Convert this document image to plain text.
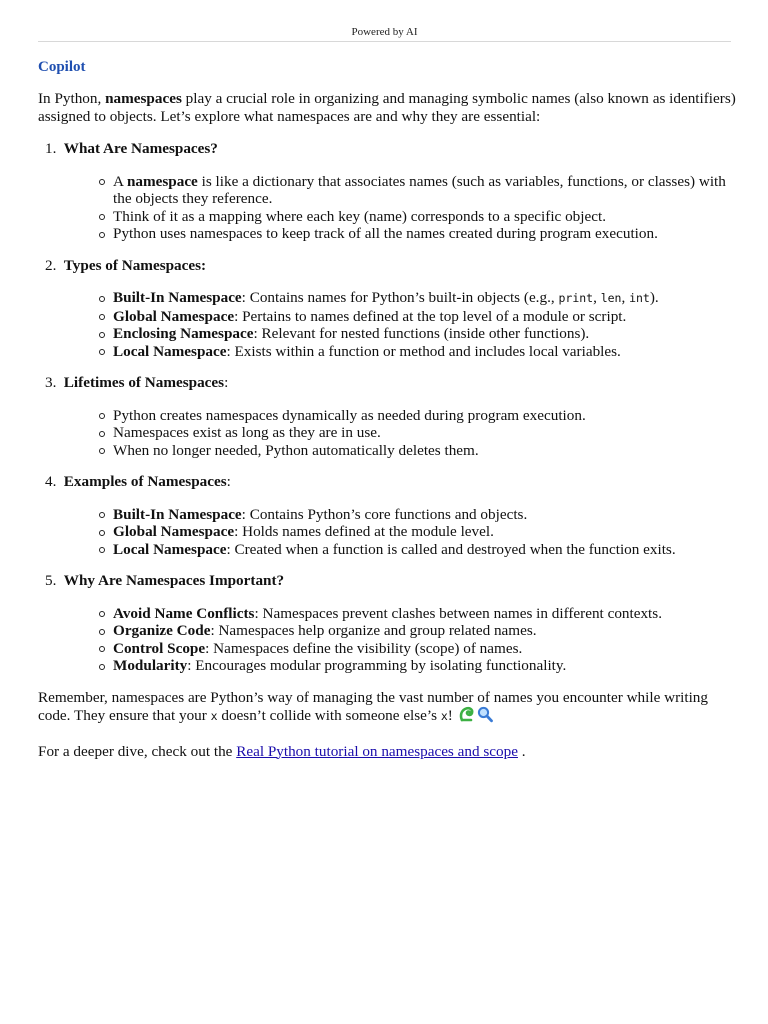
Powered by AI
Copilot

In Python, namespaces play a crucial role in organizing and managing symbolic names (also known as identifiers) assigned to objects. Let’s explore what namespaces are and why they are essential:

1. What Are Namespaces?
A namespace is like a dictionary that associates names (such as variables, functions, or classes) with the objects they reference.
Think of it as a mapping where each key (name) corresponds to a specific object.
Python uses namespaces to keep track of all the names created during program execution.
2. Types of Namespaces:
Built-In Namespace: Contains names for Python’s built-in objects (e.g., print, len, int).
Global Namespace: Pertains to names defined at the top level of a module or script.
Enclosing Namespace: Relevant for nested functions (inside other functions).
Local Namespace: Exists within a function or method and includes local variables.
3. Lifetimes of Namespaces:
Python creates namespaces dynamically as needed during program execution.
Namespaces exist as long as they are in use.
When no longer needed, Python automatically deletes them.
4. Examples of Namespaces:
Built-In Namespace: Contains Python’s core functions and objects.
Global Namespace: Holds names defined at the module level.
Local Namespace: Created when a function is called and destroyed when the function exits.
5. Why Are Namespaces Important?
Avoid Name Conflicts: Namespaces prevent clashes between names in different contexts.
Organize Code: Namespaces help organize and group related names.
Control Scope: Namespaces define the visibility (scope) of names.
Modularity: Encourages modular programming by isolating functionality.

Remember, namespaces are Python’s way of managing the vast number of names you encounter while writing code. They ensure that your x doesn’t collide with someone else’s x!

For a deeper dive, check out the Real Python tutorial on namespaces and scope .
